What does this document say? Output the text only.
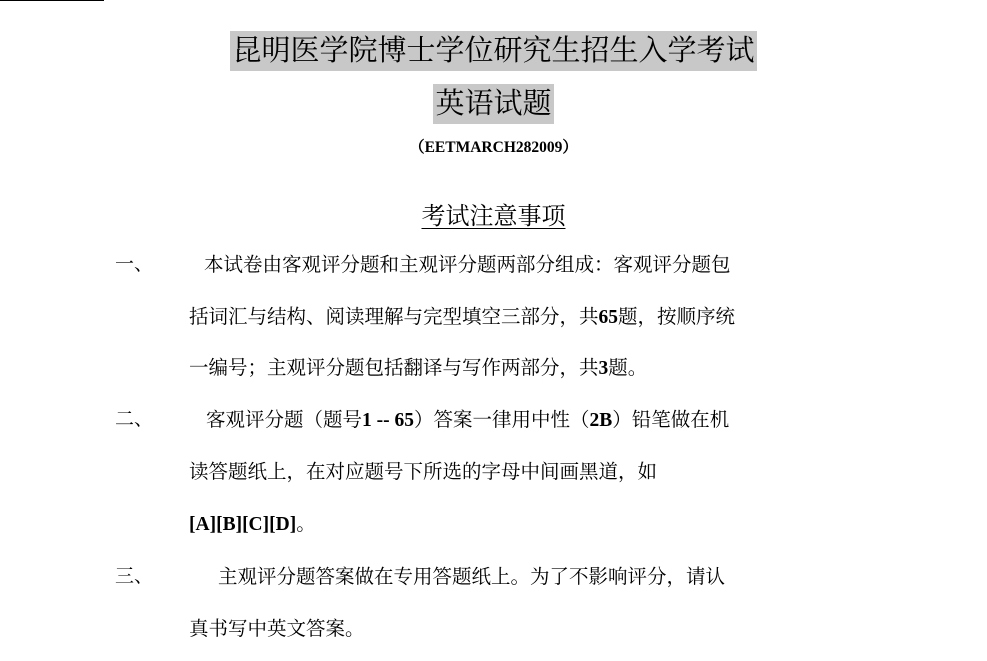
昆明医学院博士学位研究生招生入学考试
英语试题
（EETMARCH282009）
考试注意事项
一、	本试卷由客观评分题和主观评分题两部分组成：客观评分题包
括词汇与结构、阅读理解与完型填空三部分，共65题，按顺序统
一编号；主观评分题包括翻译与写作两部分，共3题。
二、	客观评分题（题号1 -- 65）答案一律用中性（2B）铅笔做在机
读答题纸上，在对应题号下所选的字母中间画黑道，如
[A][B][C][D]。
三、	主观评分题答案做在专用答题纸上。为了不影响评分，请认
真书写中英文答案。
